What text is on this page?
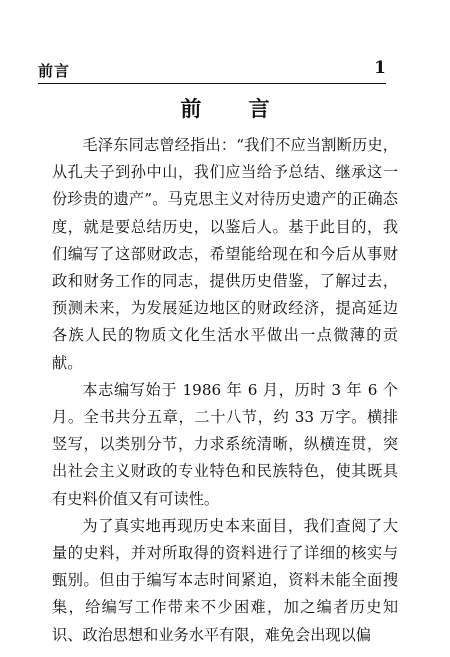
前言	1
前 言

毛泽东同志曾经指出：“我们不应当割断历史，从孔夫子到孙中山，我们应当给予总结、继承这一份珍贵的遗产”。马克思主义对待历史遗产的正确态度，就是要总结历史，以鉴后人。基于此目的，我们编写了这部财政志，希望能给现在和今后从事财政和财务工作的同志，提供历史借鉴，了解过去，预测未来，为发展延边地区的财政经济，提高延边各族人民的物质文化生活水平做出一点微薄的贡献。

本志编写始于 1986 年 6 月，历时 3 年 6 个月。全书共分五章，二十八节，约 33 万字。横排竖写，以类别分节，力求系统清晰，纵横连贯，突出社会主义财政的专业特色和民族特色，使其既具有史料价值又有可读性。

为了真实地再现历史本来面目，我们查阅了大量的史料，并对所取得的资料进行了详细的核实与甄别。但由于编写本志时间紧迫，资料未能全面搜集，给编写工作带来不少困难，加之编者历史知识、政治思想和业务水平有限，难免会出现以偏
